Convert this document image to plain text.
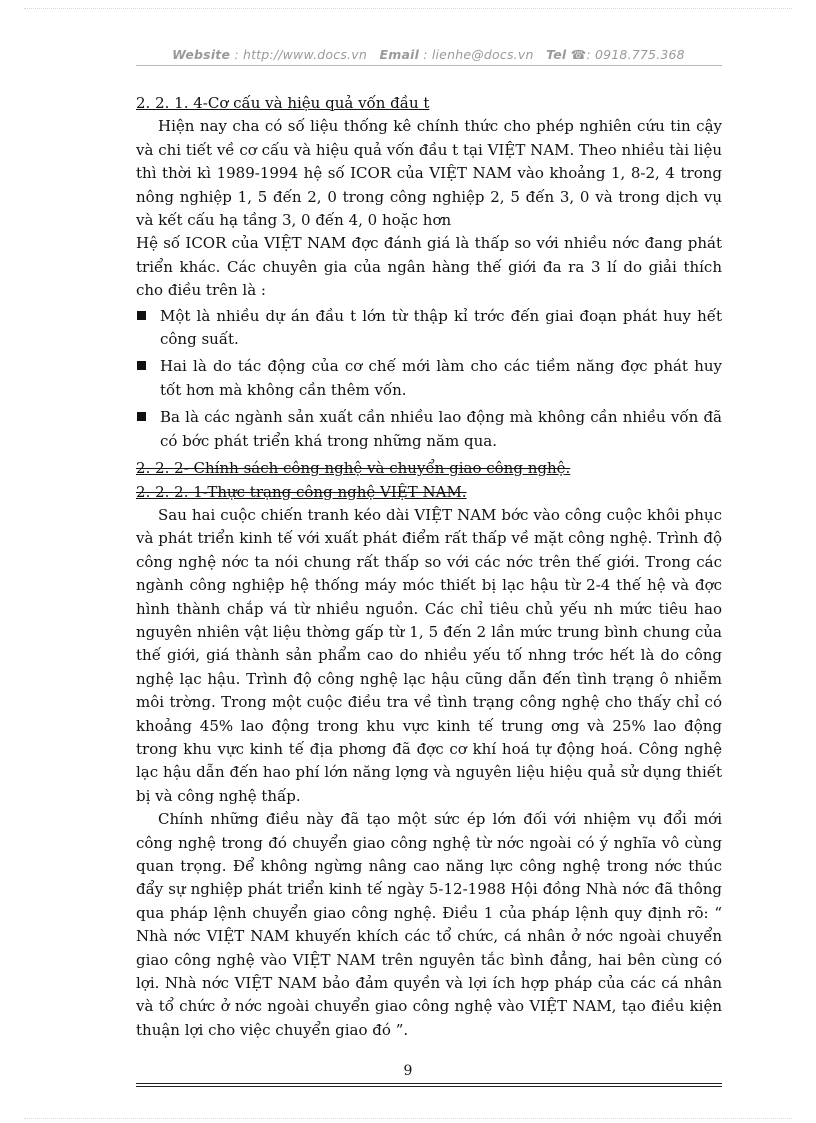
Website : http://www.docs.vn Email : lienhe@docs.vn Tel ☎: 0918.775.368

2. 2. 1. 4-Cơ cấu và hiệu quả vốn đầu t

Hiện nay cha có số liệu thống kê chính thức cho phép nghiên cứu tin cậy và chi tiết về cơ cấu và hiệu quả vốn đầu t tại VIỆT NAM. Theo nhiều tài liệu thì thời kì 1989-1994 hệ số ICOR của VIỆT NAM vào khoảng 1, 8-2, 4 trong nông nghiệp 1, 5 đến 2, 0 trong công nghiệp 2, 5 đến 3, 0 và trong dịch vụ và kết cấu hạ tầng 3, 0 đến 4, 0 hoặc hơn

Hệ số ICOR của VIỆT NAM đợc đánh giá là thấp so với nhiều nớc đang phát triển khác. Các chuyên gia của ngân hàng thế giới đa ra 3 lí do giải thích cho điều trên là :

Một là nhiều dự án đầu t lớn từ thập kỉ trớc đến giai đoạn phát huy hết công suất.
Hai là do tác động của cơ chế mới làm cho các tiềm năng đợc phát huy tốt hơn mà không cần thêm vốn.
Ba là các ngành sản xuất cần nhiều lao động mà không cần nhiều vốn đã có bớc phát triển khá trong những năm qua.

2. 2. 2- Chính sách công nghệ và chuyển giao công nghệ.

2. 2. 2. 1-Thực trạng công nghệ VIỆT NAM.

Sau hai cuộc chiến tranh kéo dài VIỆT NAM bớc vào công cuộc khôi phục và phát triển kinh tế với xuất phát điểm rất thấp về mặt công nghệ. Trình độ công nghệ nớc ta nói chung rất thấp so với các nớc trên thế giới. Trong các ngành công nghiệp hệ thống máy móc thiết bị lạc hậu từ 2-4 thế hệ và đợc hình thành chắp vá từ nhiều nguồn. Các chỉ tiêu chủ yếu nh mức tiêu hao nguyên nhiên vật liệu thờng gấp từ 1, 5 đến 2 lần mức trung bình chung của thế giới, giá thành sản phẩm cao do nhiều yếu tố nhng trớc hết là do công nghệ lạc hậu. Trình độ công nghệ lạc hậu cũng dẫn đến tình trạng ô nhiễm môi trờng. Trong một cuộc điều tra về tình trạng công nghệ cho thấy chỉ có khoảng 45% lao động trong khu vực kinh tế trung ơng và 25% lao động trong khu vực kinh tế địa phơng đã đợc cơ khí hoá tự động hoá. Công nghệ lạc hậu dẫn đến hao phí lớn năng lợng và nguyên liệu hiệu quả sử dụng thiết bị và công nghệ thấp.

Chính những điều này đã tạo một sức ép lớn đối với nhiệm vụ đổi mới công nghệ trong đó chuyển giao công nghệ từ nớc ngoài có ý nghĩa vô cùng quan trọng. Để không ngừng nâng cao năng lực công nghệ trong nớc thúc đẩy sự nghiệp phát triển kinh tế ngày 5-12-1988 Hội đồng Nhà nớc đã thông qua pháp lệnh chuyển giao công nghệ. Điều 1 của pháp lệnh quy định rõ: “ Nhà nớc VIỆT NAM khuyến khích các tổ chức, cá nhân ở nớc ngoài chuyển giao công nghệ vào VIỆT NAM trên nguyên tắc bình đẳng, hai bên cùng có lợi. Nhà nớc VIỆT NAM bảo đảm quyền và lợi ích hợp pháp của các cá nhân và tổ chức ở nớc ngoài chuyển giao công nghệ vào VIỆT NAM, tạo điều kiện thuận lợi cho việc chuyển giao đó ”.

9
